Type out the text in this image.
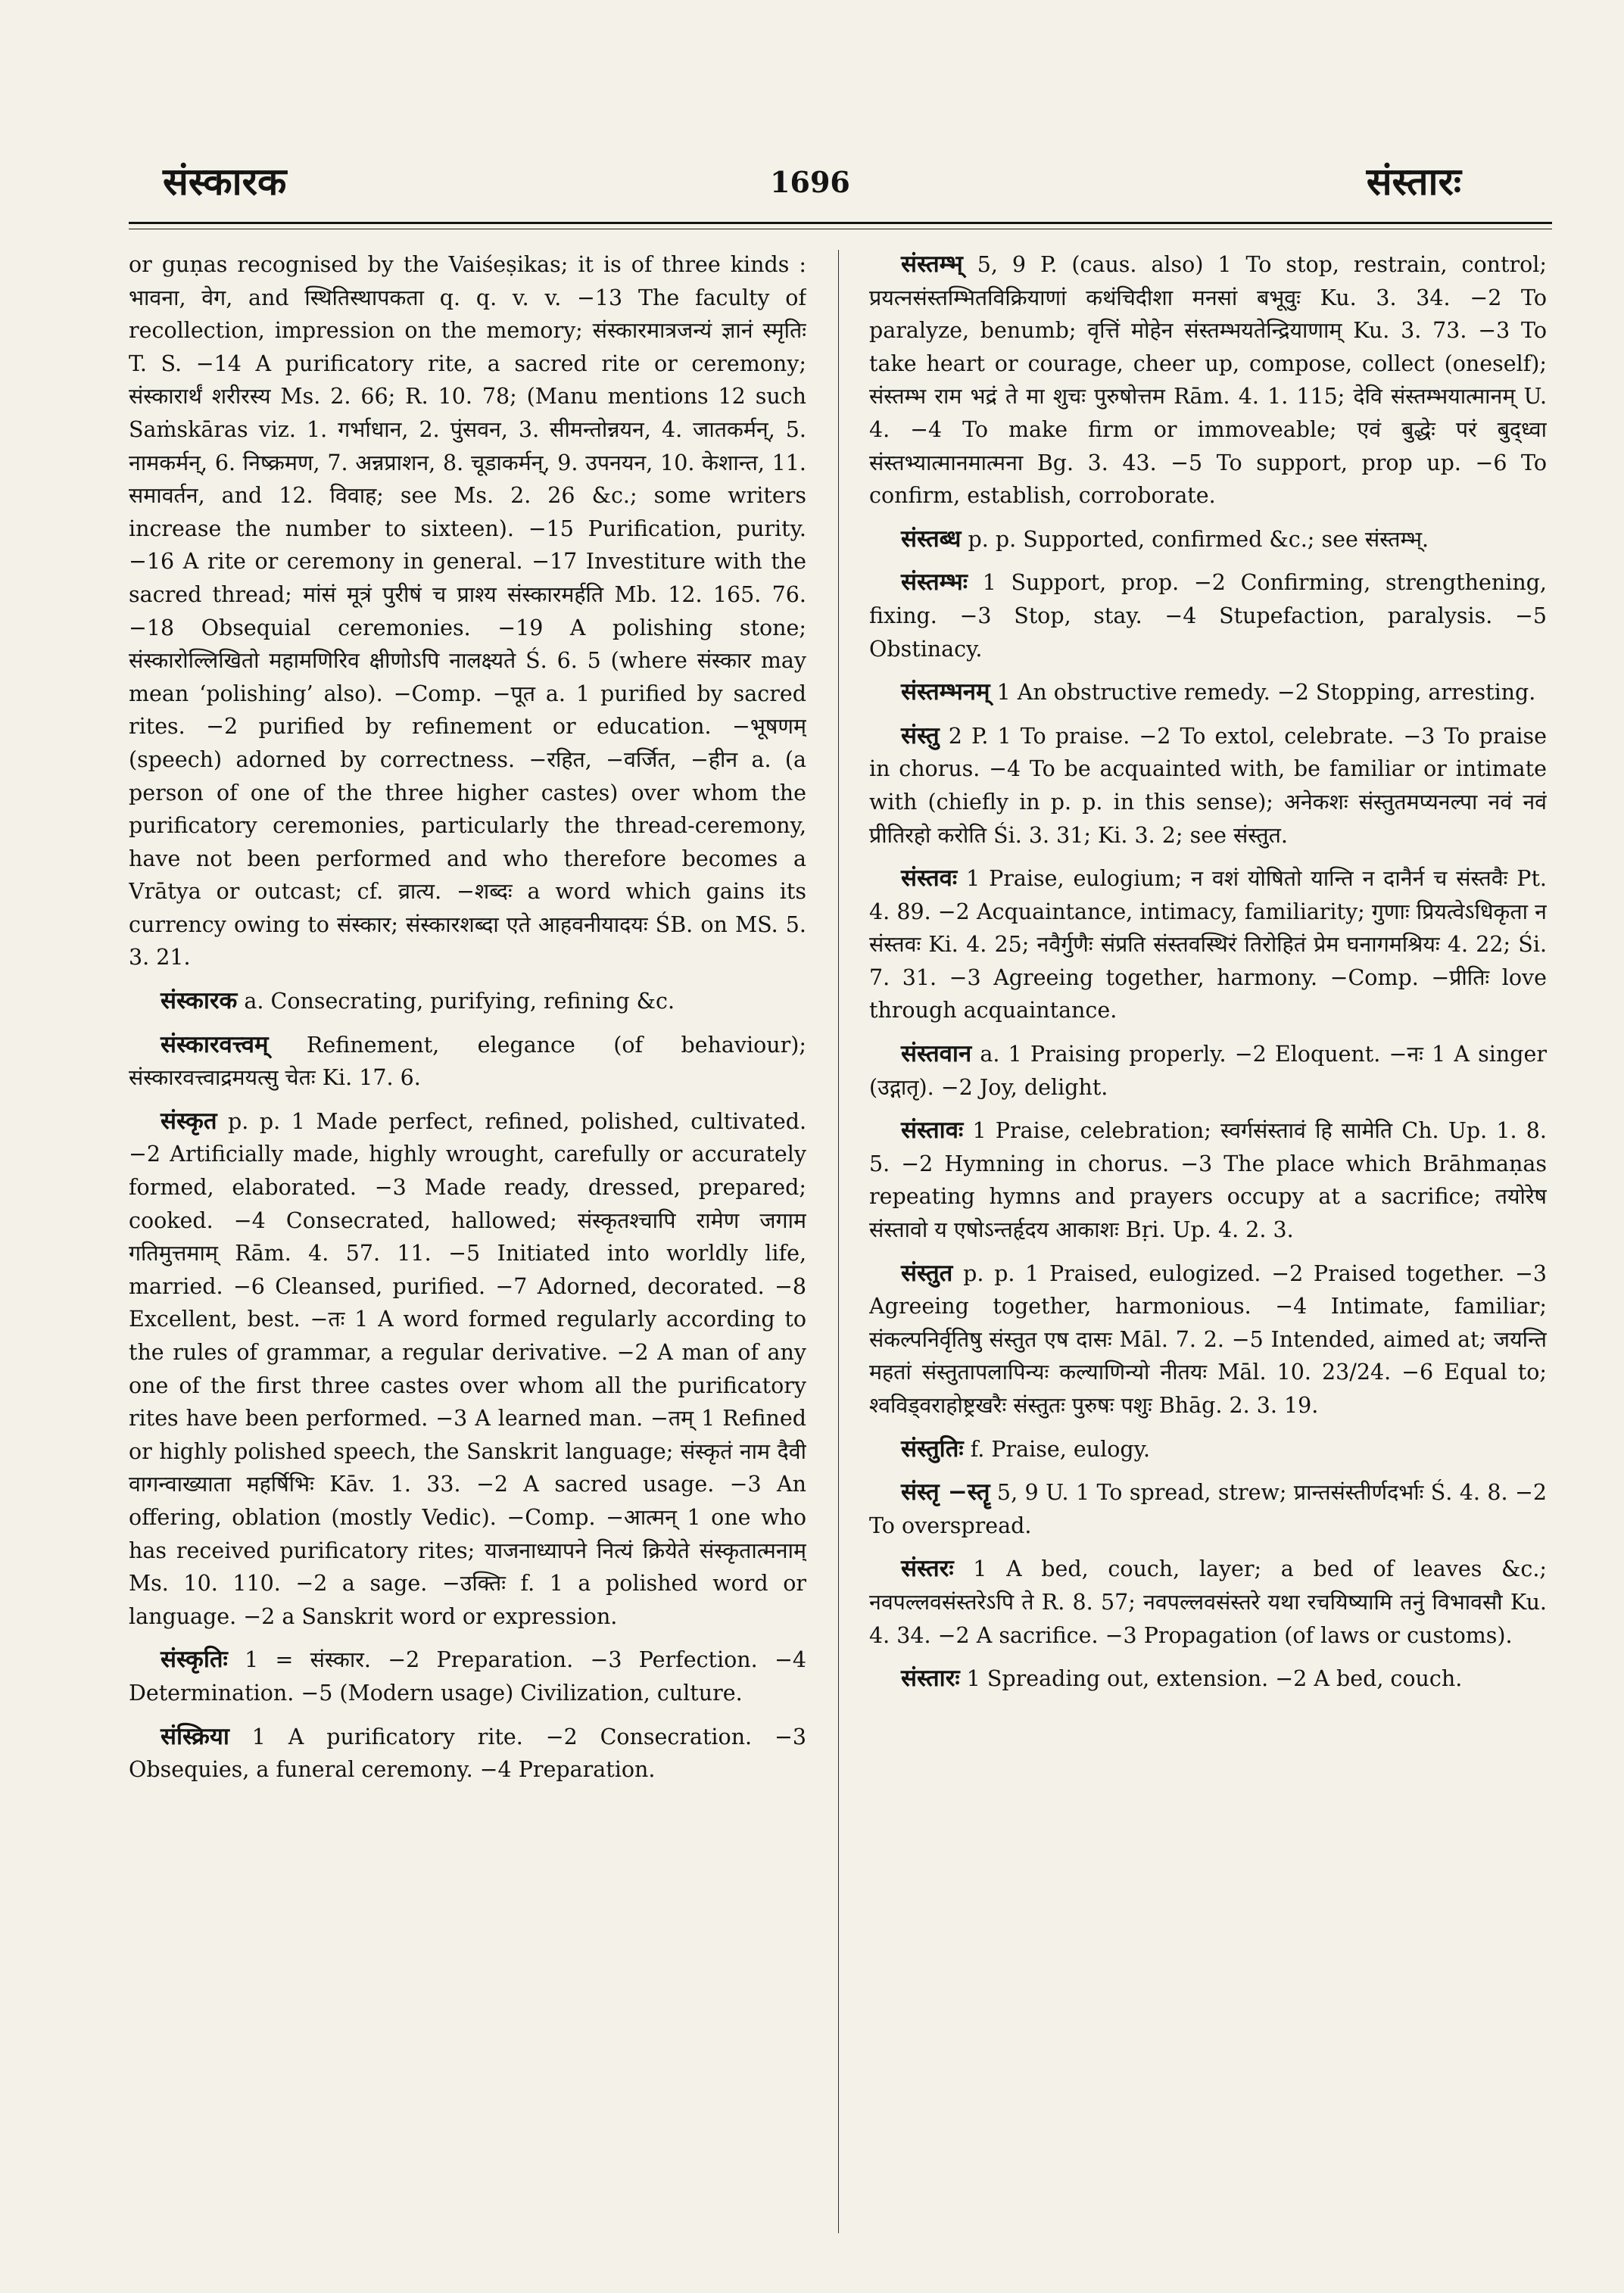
संस्कारक	1696	संस्तारः

or guṇas recognised by the Vaiśeṣikas; it is of three kinds : भावना, वेग, and स्थितिस्थापकता q. q. v. v. −13 The faculty of recollection, impression on the memory; संस्कारमात्रजन्यं ज्ञानं स्मृतिः T. S. −14 A purificatory rite, a sacred rite or ceremony; संस्कारार्थं शरीरस्य Ms. 2. 66; R. 10. 78; (Manu mentions 12 such Saṁskāras viz. 1. गर्भाधान, 2. पुंसवन, 3. सीमन्तोन्नयन, 4. जातकर्मन्, 5. नामकर्मन्, 6. निष्क्रमण, 7. अन्नप्राशन, 8. चूडाकर्मन्, 9. उपनयन, 10. केशान्त, 11. समावर्तन, and 12. विवाह; see Ms. 2. 26 &c.; some writers increase the number to sixteen). −15 Purification, purity. −16 A rite or ceremony in general. −17 Investiture with the sacred thread; मांसं मूत्रं पुरीषं च प्राश्य संस्कारमर्हति Mb. 12. 165. 76. −18 Obsequial ceremonies. −19 A polishing stone; संस्कारोल्लिखितो महामणिरिव क्षीणोऽपि नालक्ष्यते Ś. 6. 5 (where संस्कार may mean ‘polishing’ also). −Comp. −पूत a. 1 purified by sacred rites. −2 purified by refinement or education. −भूषणम् (speech) adorned by correctness. −रहित, −वर्जित, −हीन a. (a person of one of the three higher castes) over whom the purificatory ceremonies, particularly the thread-ceremony, have not been performed and who therefore becomes a Vrātya or outcast; cf. व्रात्य. −शब्दः a word which gains its currency owing to संस्कार; संस्कारशब्दा एते आहवनीयादयः ŚB. on MS. 5. 3. 21.

संस्कारक a. Consecrating, purifying, refining &c.

संस्कारवत्त्वम् Refinement, elegance (of behaviour); संस्कारवत्त्वाद्रमयत्सु चेतः Ki. 17. 6.

संस्कृत p. p. 1 Made perfect, refined, polished, cultivated. −2 Artificially made, highly wrought, carefully or accurately formed, elaborated. −3 Made ready, dressed, prepared; cooked. −4 Consecrated, hallowed; संस्कृतश्चापि रामेण जगाम गतिमुत्तमाम् Rām. 4. 57. 11. −5 Initiated into worldly life, married. −6 Cleansed, purified. −7 Adorned, decorated. −8 Excellent, best. −तः 1 A word formed regularly according to the rules of grammar, a regular derivative. −2 A man of any one of the first three castes over whom all the purificatory rites have been performed. −3 A learned man. −तम् 1 Refined or highly polished speech, the Sanskrit language; संस्कृतं नाम दैवी वागन्वाख्याता महर्षिभिः Kāv. 1. 33. −2 A sacred usage. −3 An offering, oblation (mostly Vedic). −Comp. −आत्मन् 1 one who has received purificatory rites; याजनाध्यापने नित्यं क्रियेते संस्कृतात्मनाम् Ms. 10. 110. −2 a sage. −उक्तिः f. 1 a polished word or language. −2 a Sanskrit word or expression.

संस्कृतिः 1 = संस्कार. −2 Preparation. −3 Perfection. −4 Determination. −5 (Modern usage) Civilization, culture.

संस्क्रिया 1 A purificatory rite. −2 Consecration. −3 Obsequies, a funeral ceremony. −4 Preparation.

संस्तम्भ् 5, 9 P. (caus. also) 1 To stop, restrain, control; प्रयत्नसंस्तम्भितविक्रियाणां कथंचिदीशा मनसां बभूवुः Ku. 3. 34. −2 To paralyze, benumb; वृत्तिं मोहेन संस्तम्भयतेन्द्रियाणाम् Ku. 3. 73. −3 To take heart or courage, cheer up, compose, collect (oneself); संस्तम्भ राम भद्रं ते मा शुचः पुरुषोत्तम Rām. 4. 1. 115; देवि संस्तम्भयात्मानम् U. 4. −4 To make firm or immoveable; एवं बुद्धेः परं बुद्ध्वा संस्तभ्यात्मानमात्मना Bg. 3. 43. −5 To support, prop up. −6 To confirm, establish, corroborate.

संस्तब्ध p. p. Supported, confirmed &c.; see संस्तम्भ्.

संस्तम्भः 1 Support, prop. −2 Confirming, strengthening, fixing. −3 Stop, stay. −4 Stupefaction, paralysis. −5 Obstinacy.

संस्तम्भनम् 1 An obstructive remedy. −2 Stopping, arresting.

संस्तु 2 P. 1 To praise. −2 To extol, celebrate. −3 To praise in chorus. −4 To be acquainted with, be familiar or intimate with (chiefly in p. p. in this sense); अनेकशः संस्तुतमप्यनल्पा नवं नवं प्रीतिरहो करोति Śi. 3. 31; Ki. 3. 2; see संस्तुत.

संस्तवः 1 Praise, eulogium; न वशं योषितो यान्ति न दानैर्न च संस्तवैः Pt. 4. 89. −2 Acquaintance, intimacy, familiarity; गुणाः प्रियत्वेऽधिकृता न संस्तवः Ki. 4. 25; नवैर्गुणैः संप्रति संस्तवस्थिरं तिरोहितं प्रेम घनागमश्रियः 4. 22; Śi. 7. 31. −3 Agreeing together, harmony. −Comp. −प्रीतिः love through acquaintance.

संस्तवान a. 1 Praising properly. −2 Eloquent. −नः 1 A singer (उद्गातृ). −2 Joy, delight.

संस्तावः 1 Praise, celebration; स्वर्गसंस्तावं हि सामेति Ch. Up. 1. 8. 5. −2 Hymning in chorus. −3 The place which Brāhmaṇas repeating hymns and prayers occupy at a sacrifice; तयोरेष संस्तावो य एषोऽन्तर्हृदय आकाशः Bṛi. Up. 4. 2. 3.

संस्तुत p. p. 1 Praised, eulogized. −2 Praised together. −3 Agreeing together, harmonious. −4 Intimate, familiar; संकल्पनिर्वृतिषु संस्तुत एष दासः Māl. 7. 2. −5 Intended, aimed at; जयन्ति महतां संस्तुतापलापिन्यः कल्याणिन्यो नीतयः Māl. 10. 23/24. −6 Equal to; श्वविड्वराहोष्ट्रखरैः संस्तुतः पुरुषः पशुः Bhāg. 2. 3. 19.

संस्तुतिः f. Praise, eulogy.

संस्तृ −स्तॄ 5, 9 U. 1 To spread, strew; प्रान्तसंस्तीर्णदर्भाः Ś. 4. 8. −2 To overspread.

संस्तरः 1 A bed, couch, layer; a bed of leaves &c.; नवपल्लवसंस्तरेऽपि ते R. 8. 57; नवपल्लवसंस्तरे यथा रचयिष्यामि तनुं विभावसौ Ku. 4. 34. −2 A sacrifice. −3 Propagation (of laws or customs).

संस्तारः 1 Spreading out, extension. −2 A bed, couch.
